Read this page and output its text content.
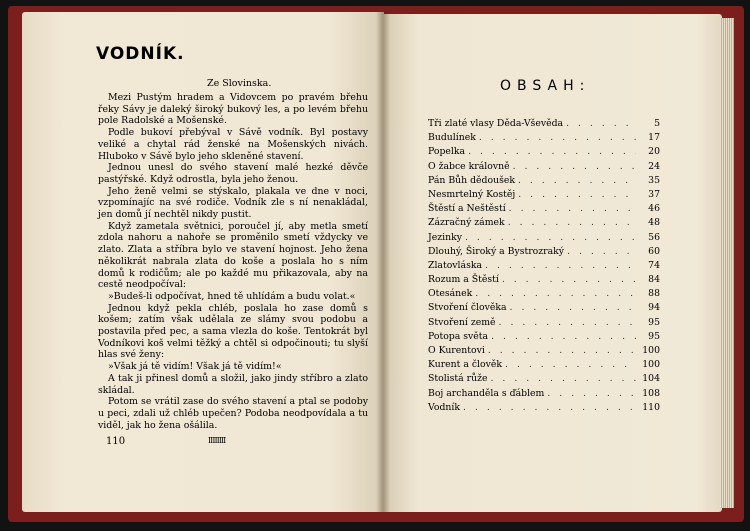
VODNÍK.
Ze Slovinska.

Mezi Pustým hradem a Vidovcem po pravém břehu řeky Sávy je daleký široký bukový les, a po levém břehu pole Radolské a Mošenské.

Podle bukoví přebýval v Sávě vodník. Byl postavy veliké a chytal rád ženské na Mošenských nivách. Hlubokо v Sávě bylo jeho skleněné stavení.

Jednou unesl do svého stavení malé hezké děvče pastýřské. Když odrostla, byla jeho ženou.

Jeho ženě velmi se stýskalo, plakala ve dne v noci, vzpomínajíc na své rodiče. Vodník zle s ní nenakládal, jen domů jí nechtěl nikdy pustit.

Když zametala světnici, poroučel jí, aby metla smetí zdola nahoru a nahoře se proměnilo smetí vždycky ve zlato. Zlata a stříbra bylo ve stavení hojnost. Jeho žena několikrát nabrala zlata do koše a poslala ho s ním domů k rodičům; ale po každé mu přikazovala, aby na cestě neodpočíval:

»Budeš-li odpočívat, hned tě uhlídám a budu volat.«

Jednou když pekla chléb, poslala ho zase domů s košem; zatím však udělala ze slámy svou podobu a postavila před pec, a sama vlezla do koše. Tentokrát byl Vodníkovi koš velmi těžký a chtěl si odpočinouti; tu slyší hlas své ženy:

»Však já tě vidím! Však já tě vidím!«

A tak ji přinesl domů a složil, jako jindy stříbro a zlato skládal.

Potom se vrátil zase do svého stavení a ptal se podoby u peci, zdali už chléb upečen? Podoba neodpovídala a tu viděl, jak ho žena ošálila.

110	IIIIIIII
OBSAH:
Tři zlaté vlasy Děda-Vševěda . . .	5
Budulínek . . .	17
Popelka . . .	20
O žabce královně . . .	24
Pán Bůh dědoušek . . .	35
Nesmrtelný Kostěj . . .	37
Štěstí a Neštěstí . . .	46
Zázračný zámek . . .	48
Jezinky . . .	56
Dlouhý, Široký a Bystrozraký . . .	60
Zlatovláska . . .	74
Rozum a Štěstí . . .	84
Otesánek . . .	88
Stvoření člověka . . .	94
Stvoření země . . .	95
Potopa světa . . .	95
O Kurentovi . . .	100
Kurent a člověk . . .	100
Stolistá růže . . .	104
Boj archanděla s ďáblem . . .	108
Vodník . . .	110
